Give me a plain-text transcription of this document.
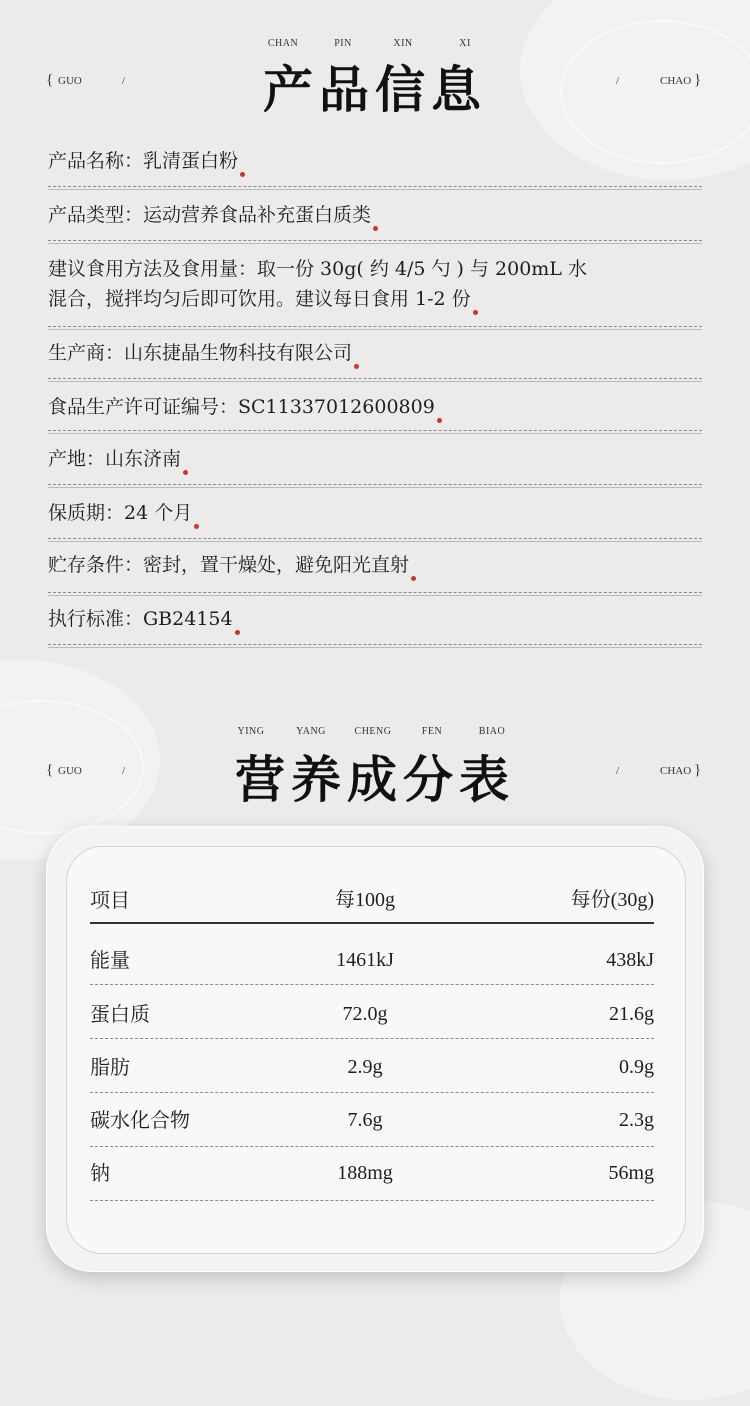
CHAN	PIN	XIN	XI
{ GUO	/	产品信息	/	CHAO }
产品名称：乳清蛋白粉
产品类型：运动营养食品补充蛋白质类
建议食用方法及食用量：取一份 30g( 约 4/5 勺 ) 与 200mL 水
混合，搅拌均匀后即可饮用。建议每日食用 1-2 份
生产商：山东捷晶生物科技有限公司
食品生产许可证编号：SC11337012600809
产地：山东济南
保质期：24 个月
贮存条件：密封，置干燥处，避免阳光直射
执行标准：GB24154
YING	YANG	CHENG	FEN	BIAO
{ GUO	/	营养成分表	/	CHAO }
项目	每100g	每份(30g)
能量	1461kJ	438kJ
蛋白质	72.0g	21.6g
脂肪	2.9g	0.9g
碳水化合物	7.6g	2.3g
钠	188mg	56mg
